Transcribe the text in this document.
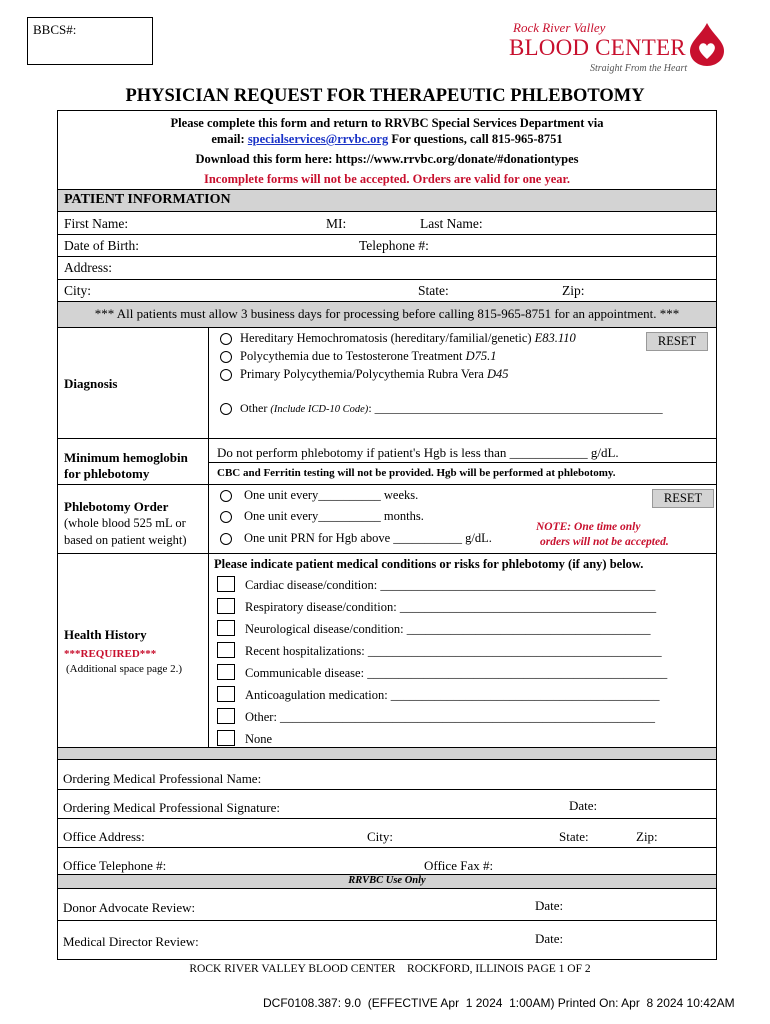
BBCS#:	Rock River Valley
BLOOD CENTER
Straight From the Heart
PHYSICIAN REQUEST FOR THERAPEUTIC PHLEBOTOMY
Please complete this form and return to RRVBC Special Services Department via
email: specialservices@rrvbc.org For questions, call 815-965-8751
Download this form here: https://www.rrvbc.org/donate/#donationtypes
Incomplete forms will not be accepted. Orders are valid for one year.
PATIENT INFORMATION
First Name:	MI:	Last Name:
Date of Birth:	Telephone #:
Address:
City:	State:	Zip:
*** All patients must allow 3 business days for processing before calling 815-965-8751 for an appointment. ***
Diagnosis
Hereditary Hemochromatosis (hereditary/familial/genetic) E83.110
Polycythemia due to Testosterone Treatment D75.1
Primary Polycythemia/Polycythemia Rubra Vera D45
RESET
Other (Include ICD-10 Code): ________________________________________________
Minimum hemoglobin
for phlebotomy
Do not perform phlebotomy if patient's Hgb is less than ____________ g/dL.
CBC and Ferritin testing will not be provided. Hgb will be performed at phlebotomy.
Phlebotomy Order
(whole blood 525 mL or
based on patient weight)
One unit every__________ weeks.
One unit every__________ months.
One unit PRN for Hgb above ___________ g/dL.
RESET
NOTE: One time only
orders will not be accepted.
Health History
***REQUIRED***
(Additional space page 2.)
Please indicate patient medical conditions or risks for phlebotomy (if any) below.
Cardiac disease/condition: ____________________________________________
Respiratory disease/condition: _________________________________________
Neurological disease/condition: _______________________________________
Recent hospitalizations: _______________________________________________
Communicable disease: ________________________________________________
Anticoagulation medication: ___________________________________________
Other: ____________________________________________________________
None
Ordering Medical Professional Name:
Ordering Medical Professional Signature:	Date:
Office Address:	City:	State:	Zip:
Office Telephone #:	Office Fax #:
RRVBC Use Only
Donor Advocate Review:	Date:
Medical Director Review:	Date:
ROCK RIVER VALLEY BLOOD CENTER    ROCKFORD, ILLINOIS PAGE 1 OF 2
DCF0108.387: 9.0  (EFFECTIVE Apr  1 2024  1:00AM) Printed On: Apr  8 2024 10:42AM
